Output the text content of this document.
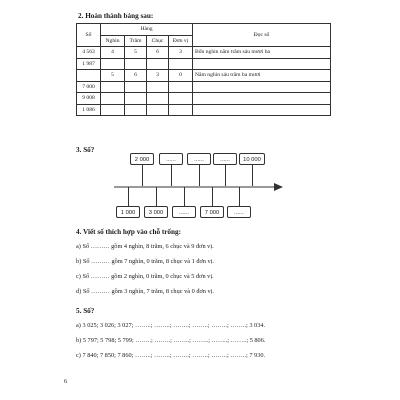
2. Hoàn thành bảng sau:
Số	Hàng				Đọc số
	Nghìn	Trăm	Chục	Đơn vị	
4 563	4	5	6	3	Bốn nghìn năm trăm sáu mươi ba
1 987					
	5	6	3	0	Năm nghìn sáu trăm ba mươi
7 000					
9 008					
1 086					
3. Số?
2 000	......	......	......	10 000
1 000	3 000	......	7 000	......
4. Viết số thích hợp vào chỗ trống:
a) Số ……… gồm 4 nghìn, 8 trăm, 6 chục và 9 đơn vị.
b) Số ……… gồm 7 nghìn, 0 trăm, 8 chục và 1 đơn vị.
c) Số ……… gồm 2 nghìn, 0 trăm, 0 chục và 5 đơn vị.
d) Số ……… gồm 3 nghìn, 7 trăm, 8 chục và 0 đơn vị.
5. Số?
a) 3 025; 3 026; 3 027; ……..; ……..; ……..; ……..; ……..; ……..; 3 034.
b) 5 797; 5 798; 5 799; ……..; ……..; ……..; ……..; ……..; ……..; 5 806.
c) 7 840; 7 850; 7 860; ……..; ……..; ……..; ……..; ……..; ……..; 7 930.
6
